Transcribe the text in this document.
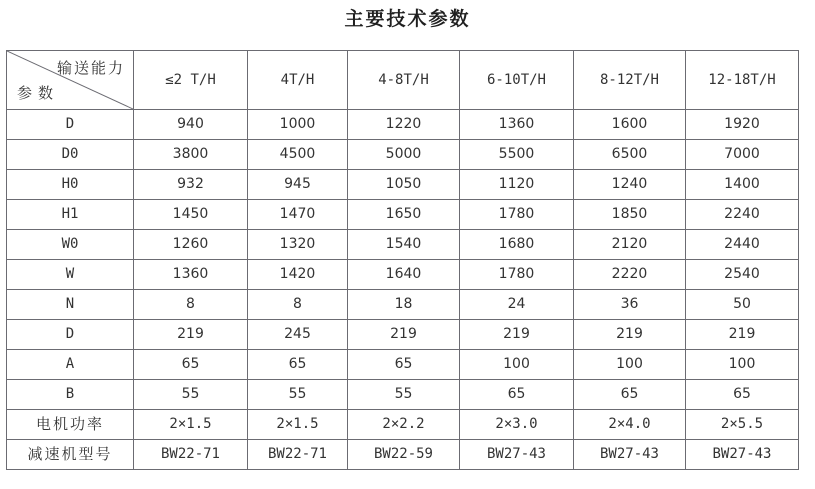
主要技术参数
输送能力
参数	≤2 T/H	4T/H	4-8T/H	6-10T/H	8-12T/H	12-18T/H
D	940	1000	1220	1360	1600	1920
D0	3800	4500	5000	5500	6500	7000
H0	932	945	1050	1120	1240	1400
H1	1450	1470	1650	1780	1850	2240
W0	1260	1320	1540	1680	2120	2440
W	1360	1420	1640	1780	2220	2540
N	8	8	18	24	36	50
D	219	245	219	219	219	219
A	65	65	65	100	100	100
B	55	55	55	65	65	65
电机功率	2×1.5	2×1.5	2×2.2	2×3.0	2×4.0	2×5.5
减速机型号	BW22-71	BW22-71	BW22-59	BW27-43	BW27-43	BW27-43
